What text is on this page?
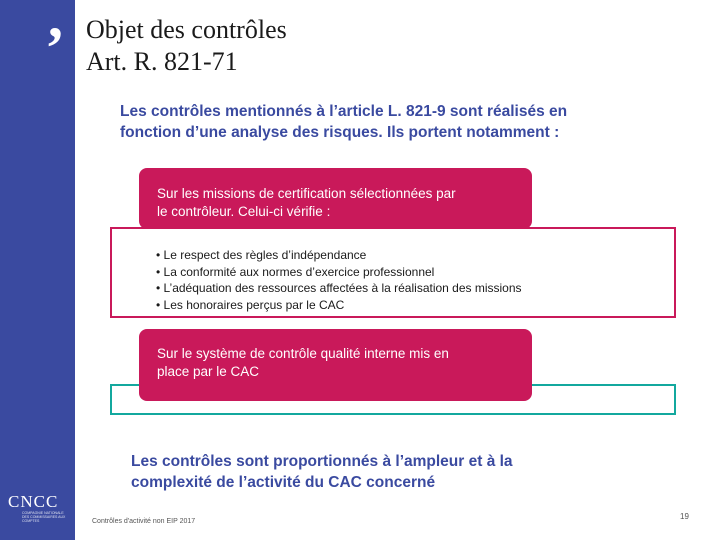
’
CNCC
COMPAGNIE NATIONALE DES COMMISSAIRES AUX COMPTES
Objet des contrôles
Art. R. 821-71
Les contrôles mentionnés à l’article L. 821-9 sont réalisés en
fonction d’une analyse des risques. Ils portent notamment :
Sur les missions de certification sélectionnées par
le contrôleur. Celui-ci vérifie :
• Le respect des règles d’indépendance
• La conformité aux normes d’exercice professionnel
• L’adéquation des ressources affectées à la réalisation des missions
• Les honoraires perçus par le CAC
Sur le système de contrôle qualité interne mis en
place par le CAC
Les contrôles sont proportionnés à l’ampleur et à la
complexité de l’activité du CAC concerné
Contrôles d'activité non EIP 2017
19
